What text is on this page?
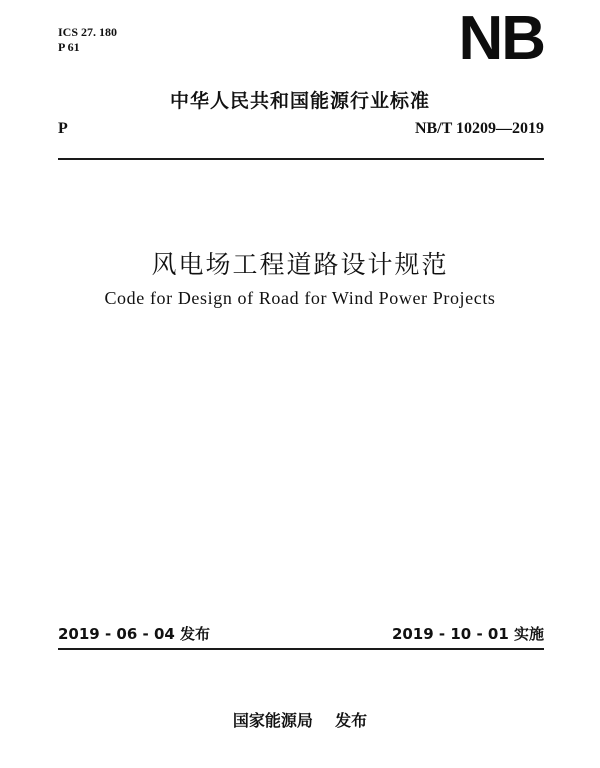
ICS 27. 180
P 61	NB
中华人民共和国能源行业标准
P	NB/T 10209—2019
风电场工程道路设计规范
Code for Design of Road for Wind Power Projects
2019 - 06 - 04 发布	2019 - 10 - 01 实施
国家能源局    发布
